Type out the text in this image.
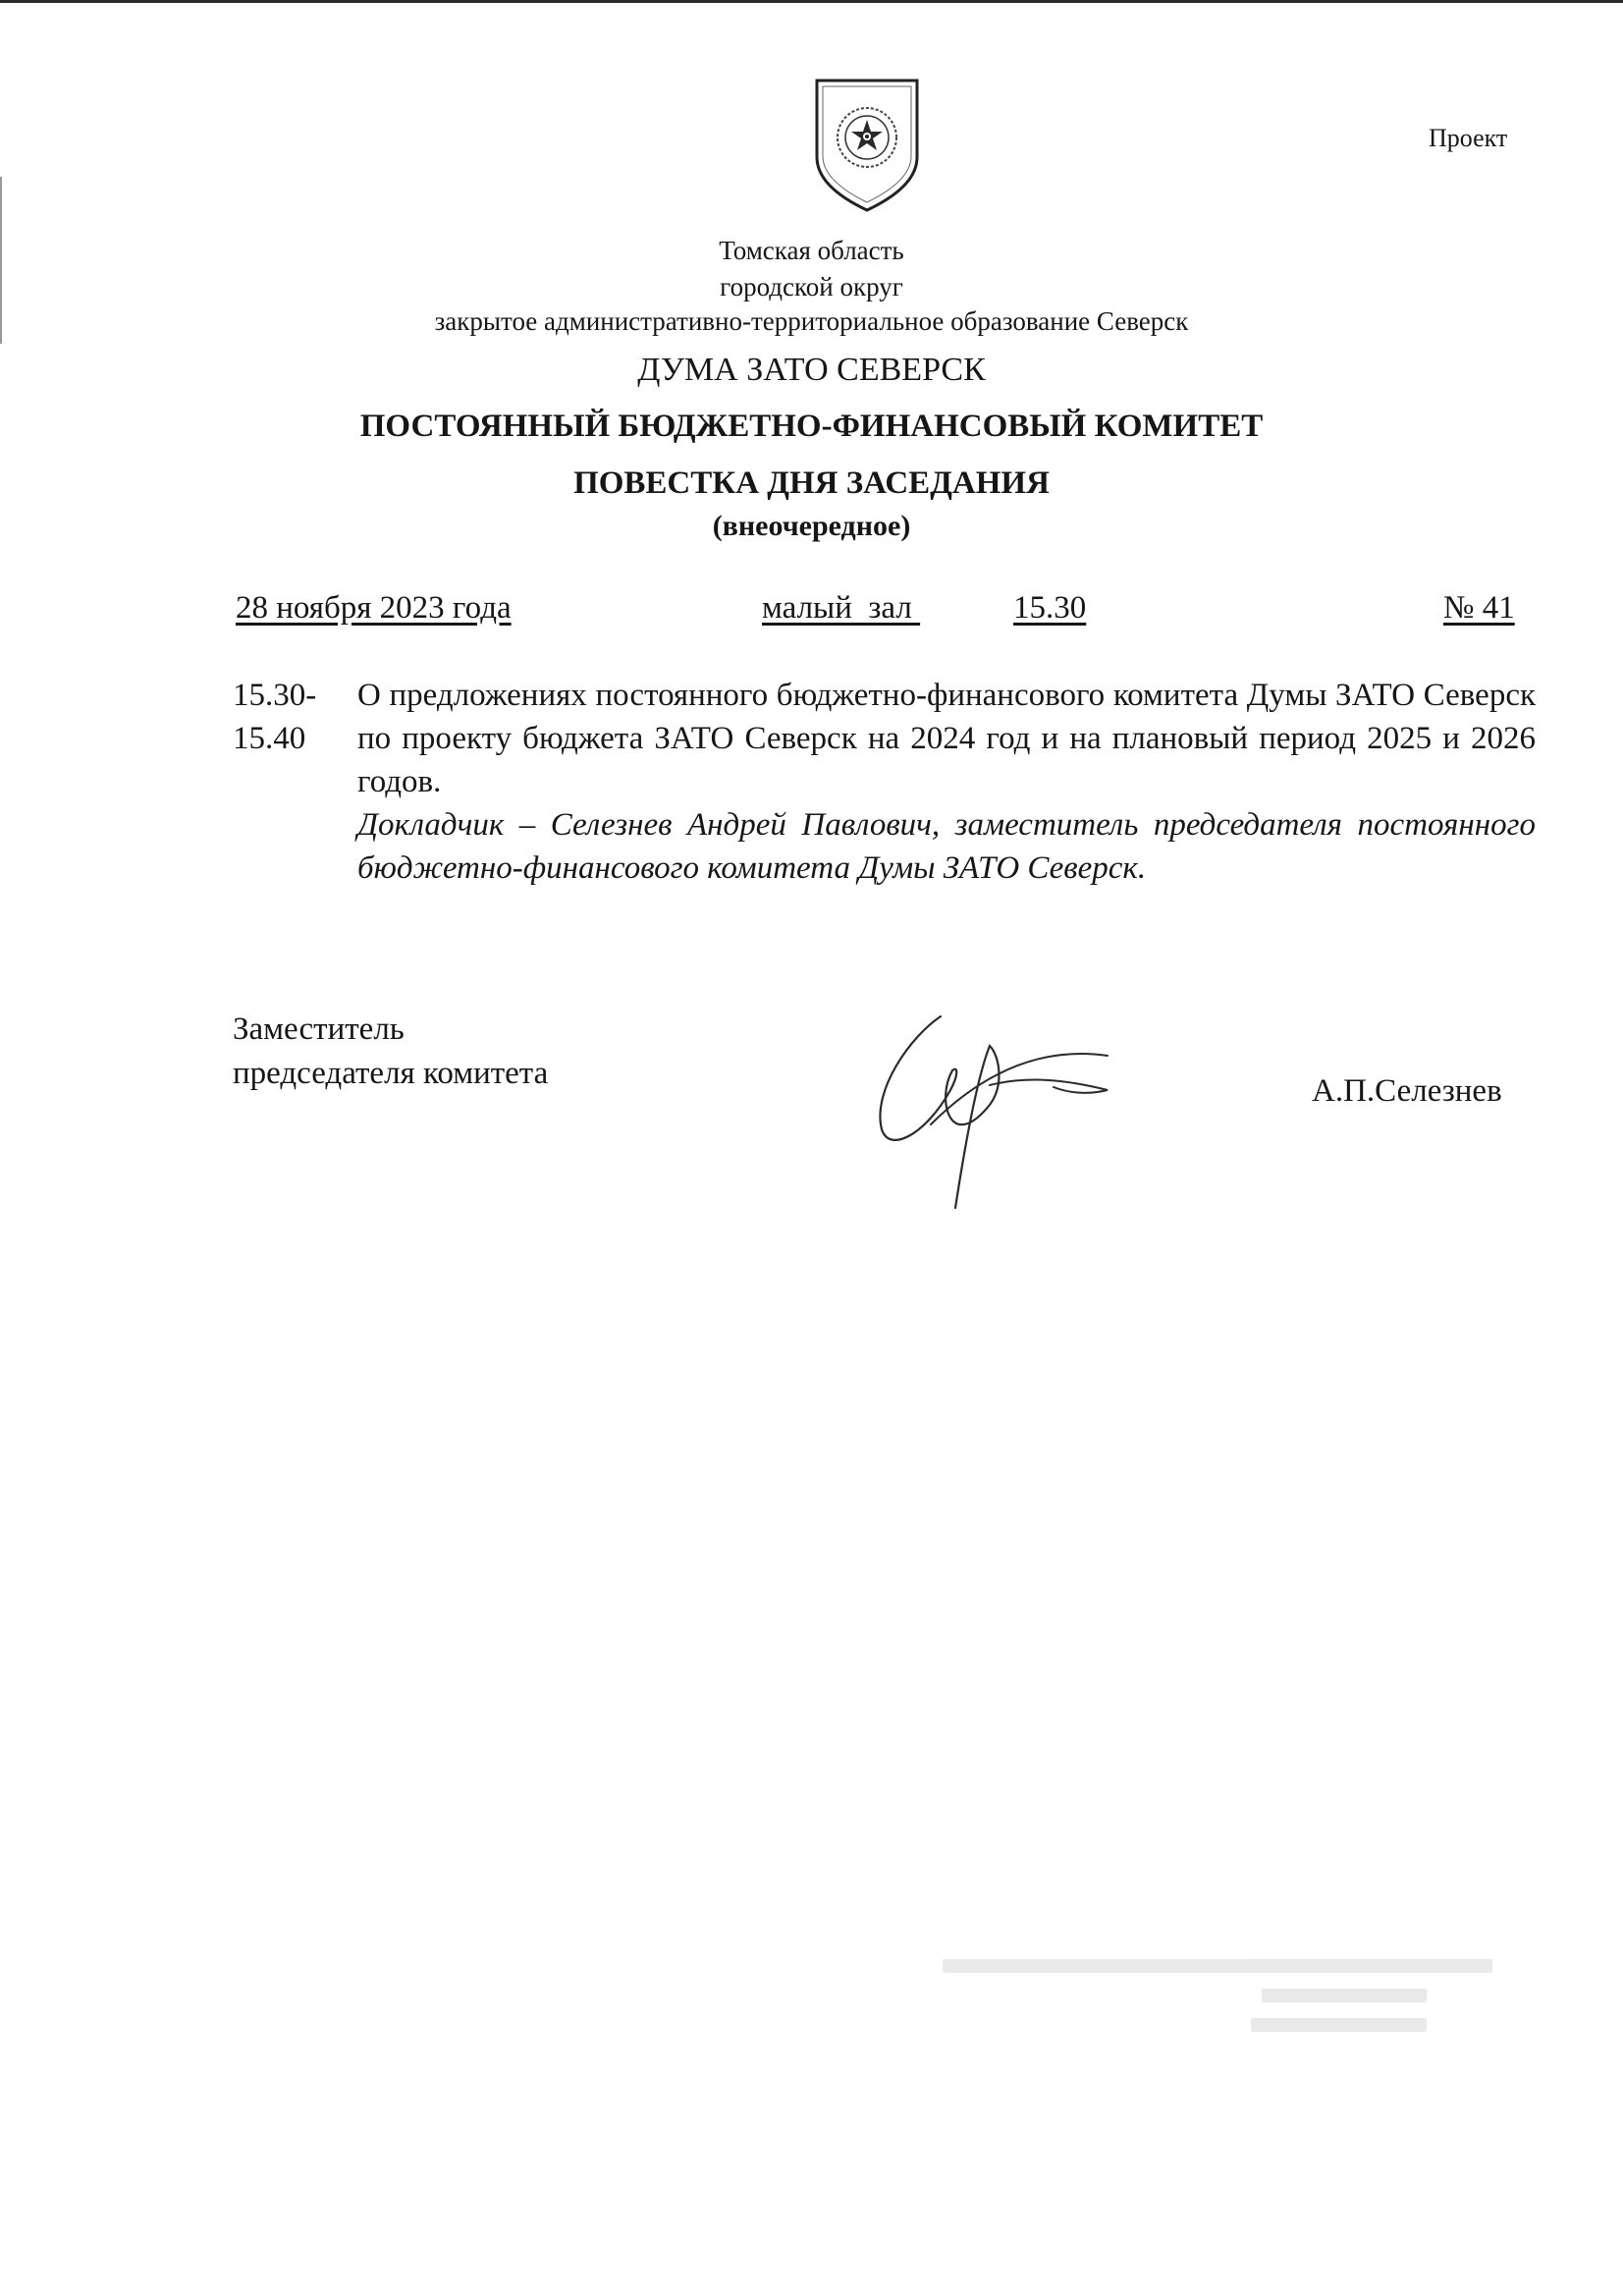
Проект
Томская область
городской округ
закрытое административно-территориальное образование Северск
ДУМА ЗАТО СЕВЕРСК
ПОСТОЯННЫЙ БЮДЖЕТНО-ФИНАНСОВЫЙ КОМИТЕТ
ПОВЕСТКА ДНЯ ЗАСЕДАНИЯ
(внеочередное)
28 ноября 2023 года	малый  зал	15.30	№ 41
15.30-
15.40
О предложениях постоянного бюджетно-финансового комитета Думы ЗАТО Северск по проекту бюджета ЗАТО Северск на 2024 год и на плановый период 2025 и 2026 годов.
Докладчик – Селезнев Андрей Павлович, заместитель председателя постоянного бюджетно-финансового комитета Думы ЗАТО Северск.
Заместитель
председателя комитета	А.П.Селезнев
